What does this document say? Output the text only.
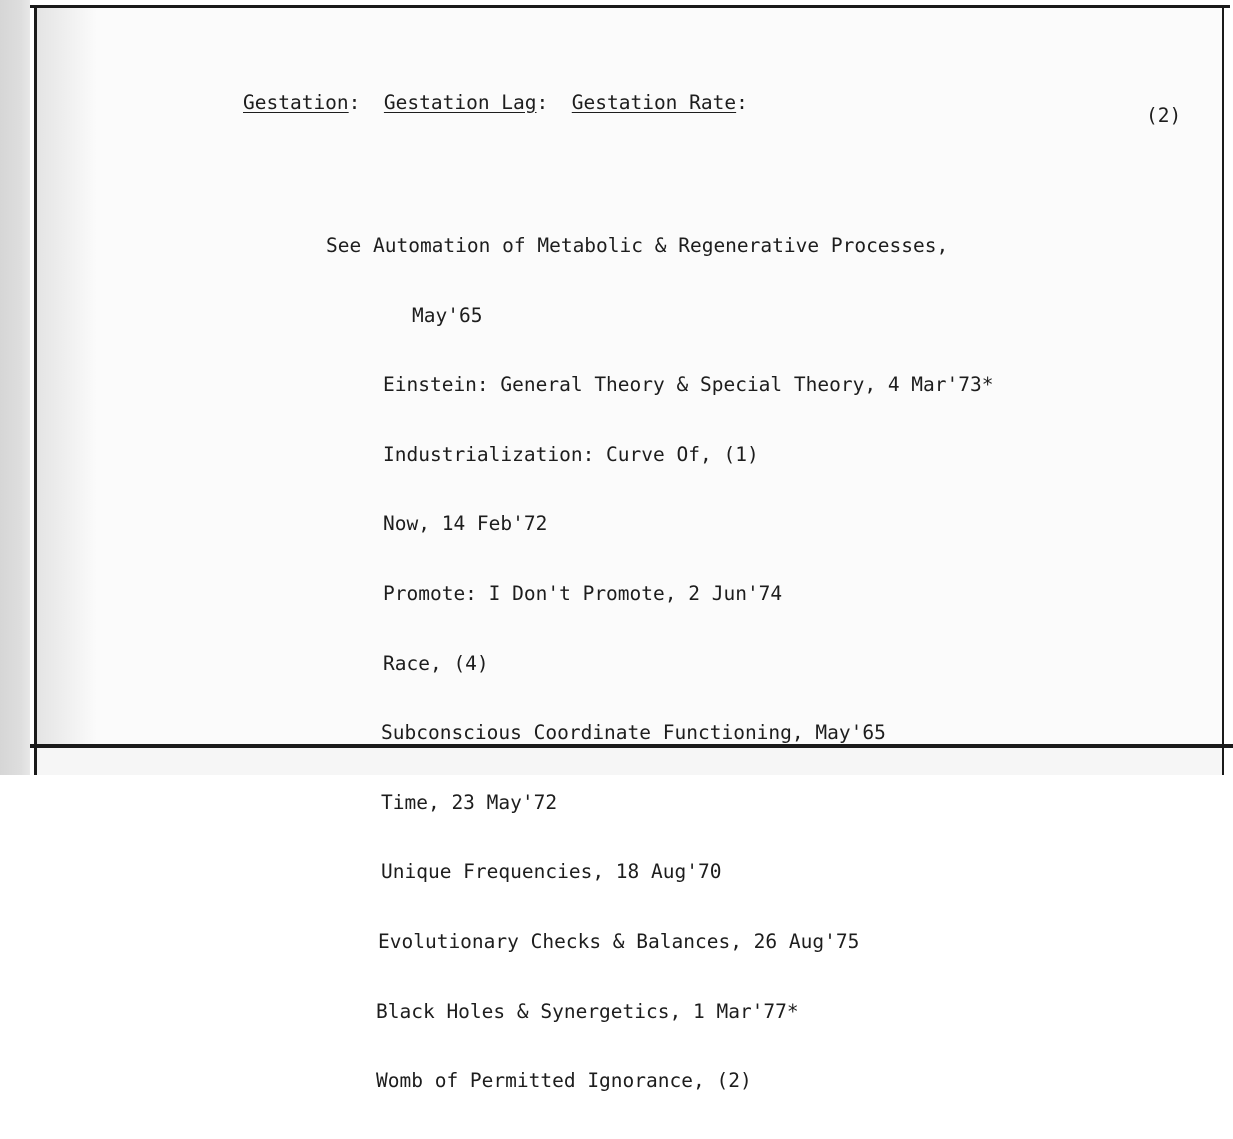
Gestation:  Gestation Lag:  Gestation Rate:
(2)

See Automation of Metabolic & Regenerative Processes,

May'65

Einstein: General Theory & Special Theory, 4 Mar'73*

Industrialization: Curve Of, (1)

Now, 14 Feb'72

Promote: I Don't Promote, 2 Jun'74

Race, (4)

Subconscious Coordinate Functioning, May'65

Time, 23 May'72

Unique Frequencies, 18 Aug'70

Evolutionary Checks & Balances, 26 Aug'75

Black Holes & Synergetics, 1 Mar'77*

Womb of Permitted Ignorance, (2)
